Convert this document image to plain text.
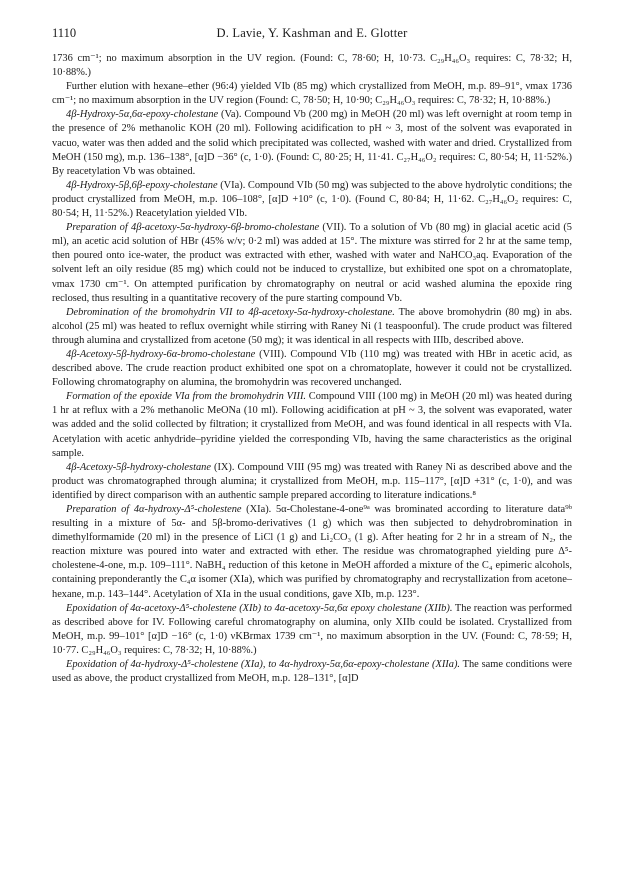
1110	D. Lavie, Y. Kashman and E. Glotter

1736 cm⁻¹; no maximum absorption in the UV region. (Found: C, 78·60; H, 10·73. C₂₉H₄₆O₃ requires: C, 78·32; H, 10·88%.)

Further elution with hexane–ether (96:4) yielded VIb (85 mg) which crystallized from MeOH, m.p. 89–91°, νmax 1736 cm⁻¹; no maximum absorption in the UV region (Found: C, 78·50; H, 10·90; C₂₉H₄₆O₃ requires: C, 78·32; H, 10·88%.)

4β-Hydroxy-5α,6α-epoxy-cholestane (Va). Compound Vb (200 mg) in MeOH (20 ml) was left overnight at room temp in the presence of 2% methanolic KOH (20 ml). Following acidification to pH ~ 3, most of the solvent was evaporated in vacuo, water was then added and the solid which precipitated was collected, washed with water and dried. Crystallized from MeOH (150 mg), m.p. 136–138°, [α]D −36° (c, 1·0). (Found: C, 80·25; H, 11·41. C₂₇H₄₆O₂ requires: C, 80·54; H, 11·52%.) By reacetylation Vb was obtained.

4β-Hydroxy-5β,6β-epoxy-cholestane (VIa). Compound VIb (50 mg) was subjected to the above hydrolytic conditions; the product crystallized from MeOH, m.p. 106–108°, [α]D +10° (c, 1·0). (Found C, 80·84; H, 11·62. C₂₇H₄₆O₂ requires: C, 80·54; H, 11·52%.) Reacetylation yielded VIb.

Preparation of 4β-acetoxy-5α-hydroxy-6β-bromo-cholestane (VII). To a solution of Vb (80 mg) in glacial acetic acid (5 ml), an acetic acid solution of HBr (45% w/v; 0·2 ml) was added at 15°. The mixture was stirred for 2 hr at the same temp, then poured onto ice-water, the product was extracted with ether, washed with water and NaHCO₃aq. Evaporation of the solvent left an oily residue (85 mg) which could not be induced to crystallize, but exhibited one spot on a chromatoplate, νmax 1730 cm⁻¹. On attempted purification by chromatography on neutral or acid washed alumina the epoxide ring reclosed, thus resulting in a quantitative recovery of the pure starting compound Vb.

Debromination of the bromohydrin VII to 4β-acetoxy-5α-hydroxy-cholestane. The above bromohydrin (80 mg) in abs. alcohol (25 ml) was heated to reflux overnight while stirring with Raney Ni (1 teaspoonful). The crude product was filtered through alumina and crystallized from acetone (50 mg); it was identical in all respects with IIIb, described above.

4β-Acetoxy-5β-hydroxy-6α-bromo-cholestane (VIII). Compound VIb (110 mg) was treated with HBr in acetic acid, as described above. The crude reaction product exhibited one spot on a chromatoplate, however it could not be crystallized. Following chromatography on alumina, the bromohydrin was recovered unchanged.

Formation of the epoxide VIa from the bromohydrin VIII. Compound VIII (100 mg) in MeOH (20 ml) was heated during 1 hr at reflux with a 2% methanolic MeONa (10 ml). Following acidification at pH ~ 3, the solvent was evaporated, water was added and the solid collected by filtration; it crystallized from MeOH, and was found identical in all respects with VIa. Acetylation with acetic anhydride–pyridine yielded the corresponding VIb, having the same characteristics as the original sample.

4β-Acetoxy-5β-hydroxy-cholestane (IX). Compound VIII (95 mg) was treated with Raney Ni as described above and the product was chromatographed through alumina; it crystallized from MeOH, m.p. 115–117°, [α]D +31° (c, 1·0), and was identified by direct comparison with an authentic sample prepared according to literature indications.⁸

Preparation of 4α-hydroxy-Δ⁵-cholestene (XIa). 5α-Cholestane-4-one⁹ᵃ was brominated according to literature data⁹ᵇ resulting in a mixture of 5α- and 5β-bromo-derivatives (1 g) which was then subjected to dehydrobromination in dimethylformamide (20 ml) in the presence of LiCl (1 g) and Li₂CO₃ (1 g). After heating for 2 hr in a stream of N₂, the reaction mixture was poured into water and extracted with ether. The residue was chromatographed yielding pure Δ⁵-cholestene-4-one, m.p. 109–111°. NaBH₄ reduction of this ketone in MeOH afforded a mixture of the C₄ epimeric alcohols, containing preponderantly the C₄α isomer (XIa), which was purified by chromatography and recrystallization from acetone–hexane, m.p. 143–144°. Acetylation of XIa in the usual conditions, gave XIb, m.p. 123°.

Epoxidation of 4α-acetoxy-Δ⁵-cholestene (XIb) to 4α-acetoxy-5α,6α epoxy cholestane (XIIb). The reaction was performed as described above for IV. Following careful chromatography on alumina, only XIIb could be isolated. Crystallized from MeOH, m.p. 99–101° [α]D −16° (c, 1·0) νKBrmax 1739 cm⁻¹, no maximum absorption in the UV. (Found: C, 78·59; H, 10·77. C₂₉H₄₆O₃ requires: C, 78·32; H, 10·88%.)

Epoxidation of 4α-hydroxy-Δ⁵-cholestene (XIa), to 4α-hydroxy-5α,6α-epoxy-cholestane (XIIa). The same conditions were used as above, the product crystallized from MeOH, m.p. 128–131°, [α]D
